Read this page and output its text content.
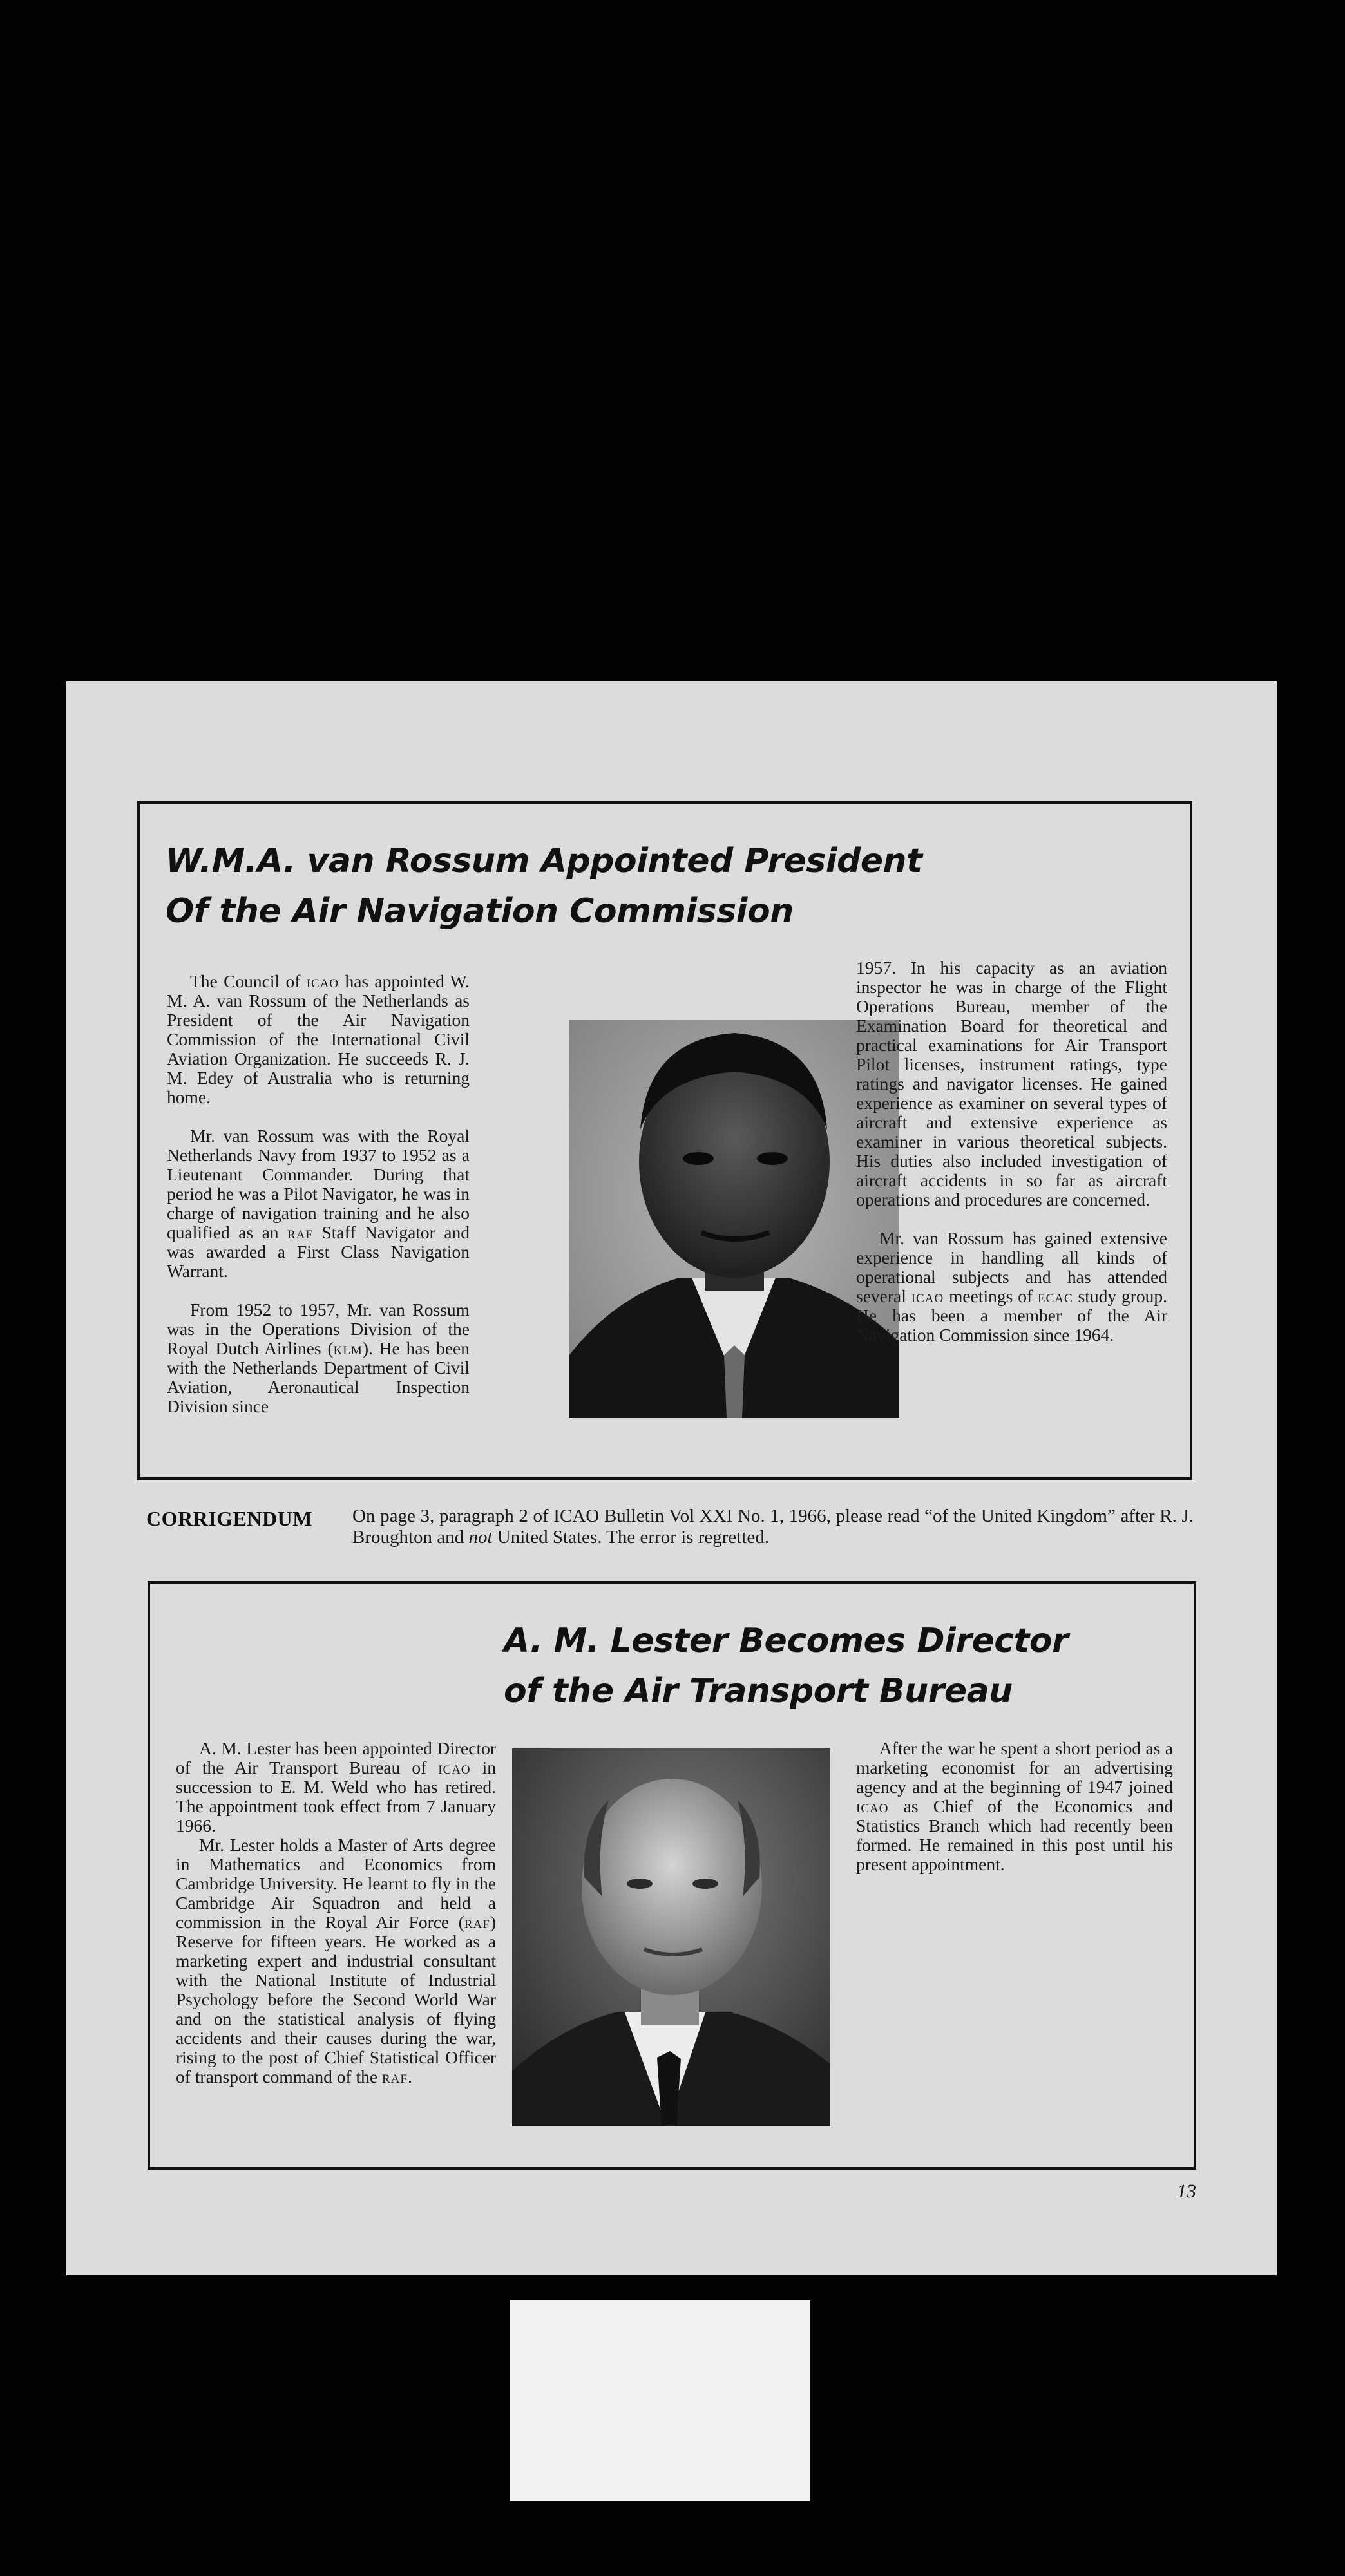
W.M.A. van Rossum Appointed President
Of the Air Navigation Commission

The Council of icao has appointed W. M. A. van Rossum of the Netherlands as President of the Air Navigation Commission of the International Civil Aviation Organization. He succeeds R. J. M. Edey of Australia who is returning home.

Mr. van Rossum was with the Royal Netherlands Navy from 1937 to 1952 as a Lieutenant Commander. During that period he was a Pilot Navigator, he was in charge of navigation training and he also qualified as an raf Staff Navigator and was awarded a First Class Navigation Warrant.

From 1952 to 1957, Mr. van Rossum was in the Operations Division of the Royal Dutch Airlines (klm). He has been with the Netherlands Department of Civil Aviation, Aeronautical Inspection Division since

1957. In his capacity as an aviation inspector he was in charge of the Flight Operations Bureau, member of the Examination Board for theoretical and practical examinations for Air Transport Pilot licenses, instrument ratings, type ratings and navigator licenses. He gained experience as examiner on several types of aircraft and extensive experience as examiner in various theoretical subjects. His duties also included investigation of aircraft accidents in so far as aircraft operations and procedures are concerned.

Mr. van Rossum has gained extensive experience in handling all kinds of operational subjects and has attended several icao meetings of ecac study group. He has been a member of the Air Navigation Commission since 1964.

CORRIGENDUM On page 3, paragraph 2 of ICAO Bulletin Vol XXI No. 1, 1966, please read “of the United Kingdom” after R. J. Broughton and not United States. The error is regretted.
A. M. Lester Becomes Director
of the Air Transport Bureau

A. M. Lester has been appointed Director of the Air Transport Bureau of icao in succession to E. M. Weld who has retired. The appointment took effect from 7 January 1966.

Mr. Lester holds a Master of Arts degree in Mathematics and Economics from Cambridge University. He learnt to fly in the Cambridge Air Squadron and held a commission in the Royal Air Force (raf) Reserve for fifteen years. He worked as a marketing expert and industrial consultant with the National Institute of Industrial Psychology before the Second World War and on the statistical analysis of flying accidents and their causes during the war, rising to the post of Chief Statistical Officer of transport command of the raf.

After the war he spent a short period as a marketing economist for an advertising agency and at the beginning of 1947 joined icao as Chief of the Economics and Statistics Branch which had recently been formed. He remained in this post until his present appointment.

13
